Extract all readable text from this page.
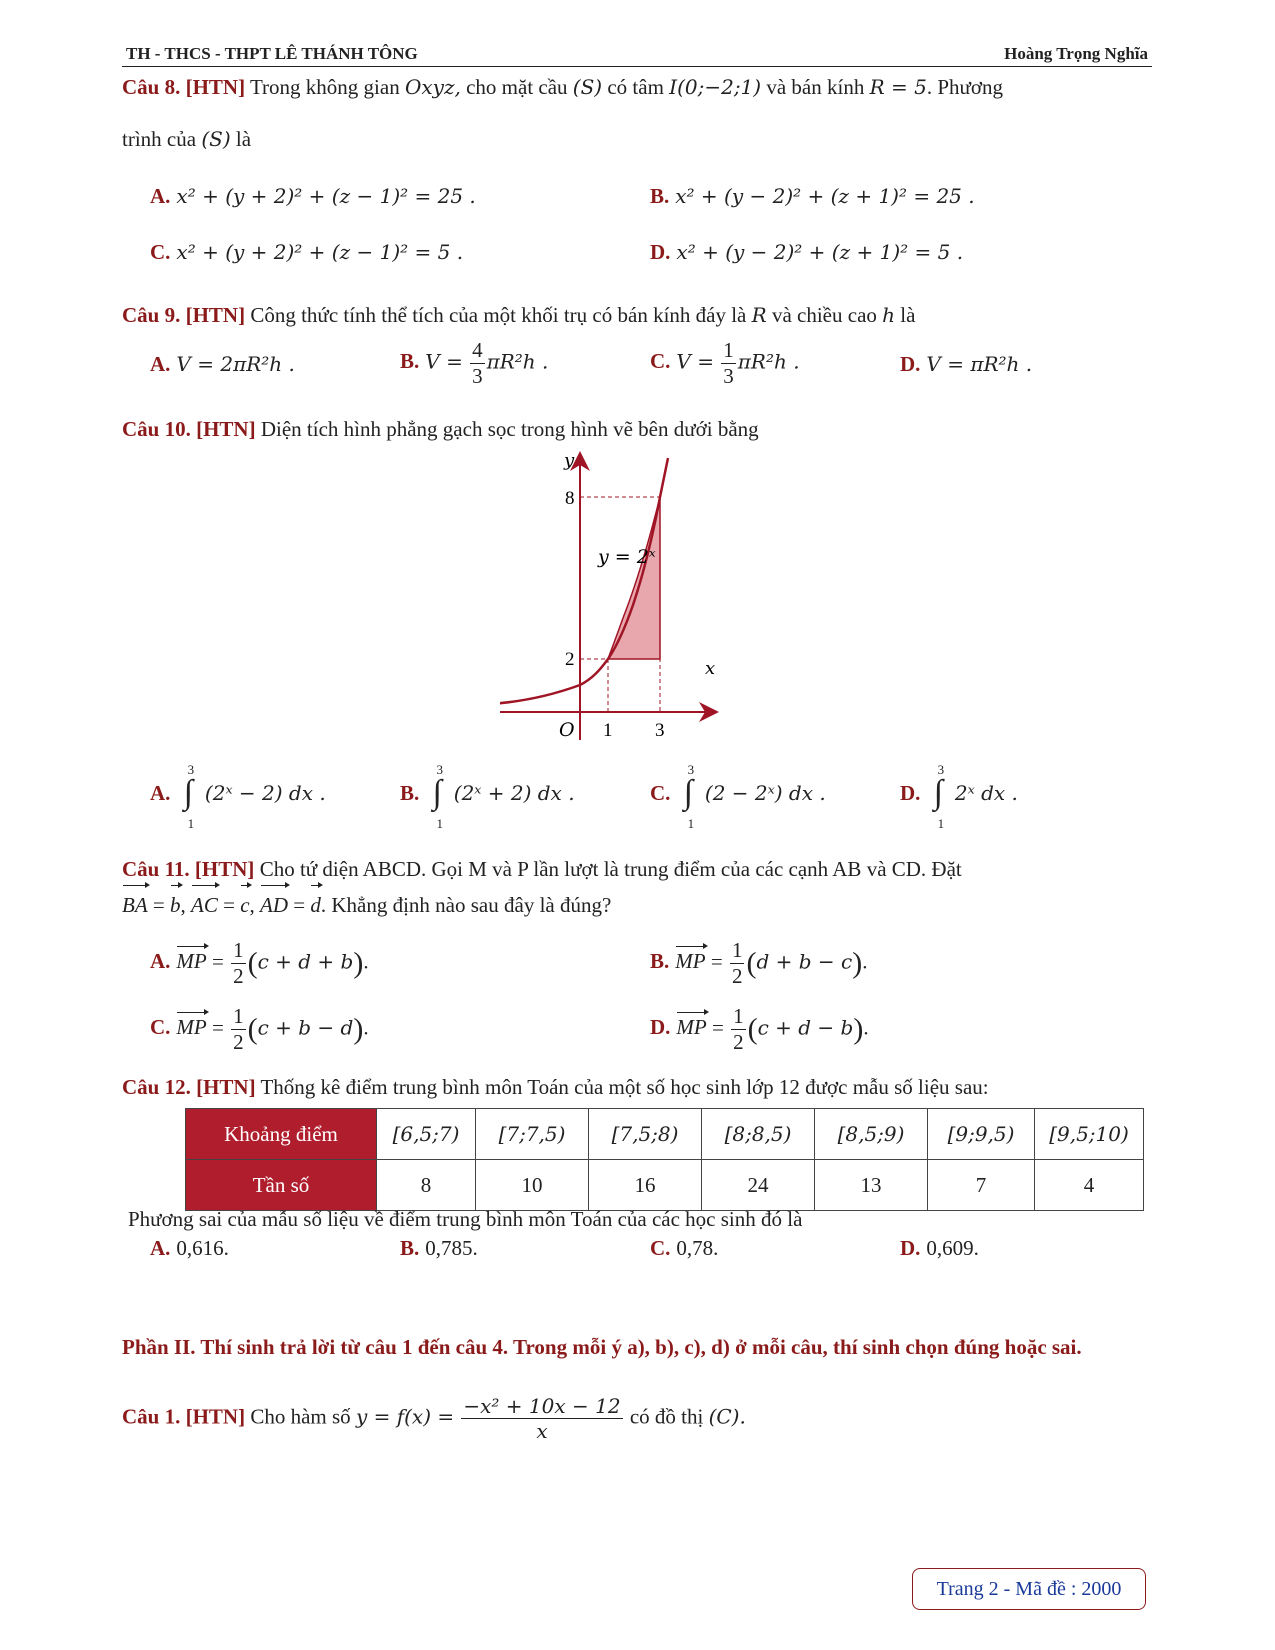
TH - THCS - THPT LÊ THÁNH TÔNG	Hoàng Trọng Nghĩa
Câu 8. [HTN] Trong không gian Oxyz, cho mặt cầu (S) có tâm I(0;−2;1) và bán kính R = 5. Phương
trình của (S) là
A. x² + (y + 2)² + (z − 1)² = 25 .	B. x² + (y − 2)² + (z + 1)² = 25 .
C. x² + (y + 2)² + (z − 1)² = 5 .	D. x² + (y − 2)² + (z + 1)² = 5 .
Câu 9. [HTN] Công thức tính thể tích của một khối trụ có bán kính đáy là R và chiều cao h là
A. V = 2πR²h .	B. $V = \frac{4}{3} \pi R^2h$ .	C. $V = \frac{1}{3} \pi R^2h$ .	D. V = πR²h .
Câu 10. [HTN] Diện tích hình phẳng gạch sọc trong hình vẽ bên dưới bằng
y
x
O
8
2
1 3
y = 2ˣ
A.
3
∫
1
(2ˣ − 2) dx .	B.
3
∫
1
(2ˣ + 2) dx .	C.
3
∫
1
(2 − 2ˣ) dx .	D.
3
∫
1
2ˣ dx .
Câu 11. [HTN] Cho tứ diện ABCD. Gọi M và P lần lượt là trung điểm của các cạnh AB và CD. Đặt
BA = b, AC = c, AD = d. Khẳng định nào sau đây là đúng?
A. MP = $\frac{1}{2} (c + d + b)$.	B. MP = $\frac{1}{2} (d + b - c)$.
C. MP = $\frac{1}{2} (c + b - d)$.	D. MP = $\frac{1}{2} (c + d - b)$.
Câu 12. [HTN] Thống kê điểm trung bình môn Toán của một số học sinh lớp 12 được mẫu số liệu sau:
Khoảng điểm	[6,5;7)	[7;7,5)	[7,5;8)	[8;8,5)	[8,5;9)	[9;9,5)	[9,5;10)
Tần số	8	10	16	24	13	7	4
Phương sai của mẫu số liệu về điểm trung bình môn Toán của các học sinh đó là
A. 0,616.	B. 0,785.	C. 0,78.	D. 0,609.
Phần II. Thí sinh trả lời từ câu 1 đến câu 4. Trong mỗi ý a), b), c), d) ở mỗi câu, thí sinh chọn đúng hoặc sai.
Câu 1. [HTN] Cho hàm số $y = f(x) = \frac{\text{−x² + 10x − 12}}{x}$ có đồ thị (C).
Trang 2 - Mã đề : 2000
